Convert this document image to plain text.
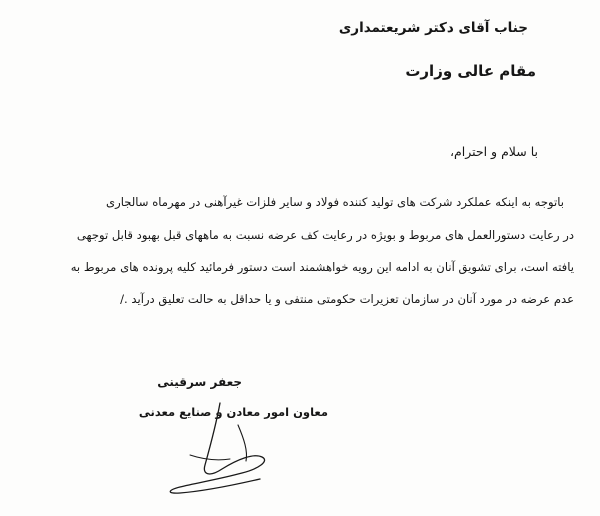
جناب آقای دکتر شریعتمداری
مقام عالی وزارت
با سلام و احترام،
باتوجه به اینکه عملکرد شرکت های تولید کننده فولاد و سایر فلزات غیرآهنی در مهرماه سالجاری
در رعایت دستورالعمل های مربوط و بویژه در رعایت کف عرضه نسبت به ماههای قبل بهبود قابل توجهی
یافته است، برای تشویق آنان به ادامه این رویه خواهشمند است دستور فرمائید کلیه پرونده های مربوط به
عدم عرضه در مورد آنان در سازمان تعزیرات حکومتی منتفی و یا حداقل به حالت تعلیق درآید ./
جعفر سرقینی
معاون امور معادن و صنایع معدنی
